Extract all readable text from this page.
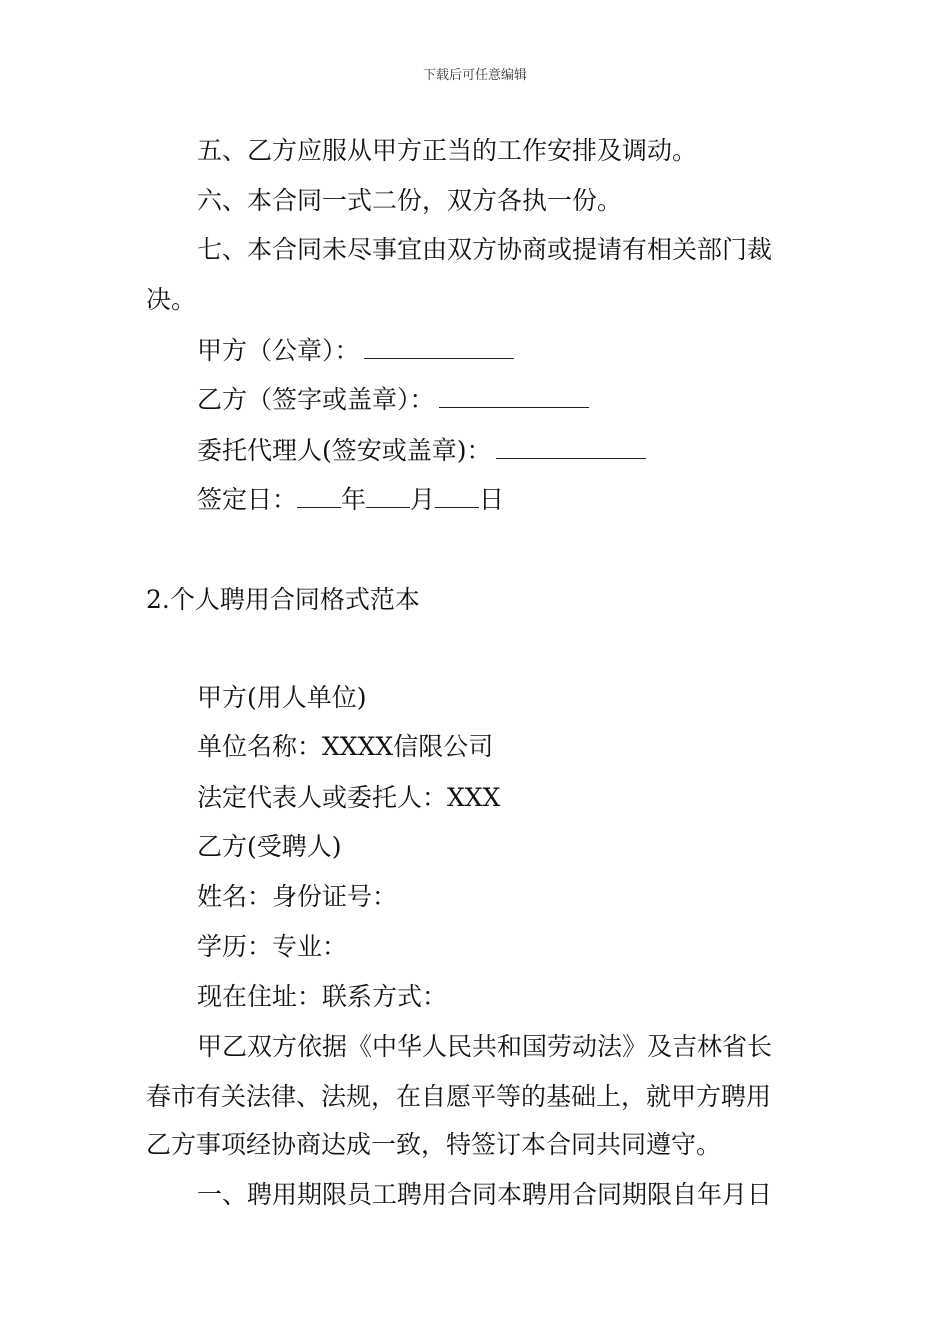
下载后可任意编辑
五、乙方应服从甲方正当的工作安排及调动。
六、本合同一式二份，双方各执一份。
七、本合同未尽事宜由双方协商或提请有相关部门裁
决。
甲方（公章）：
乙方（签字或盖章）：
委托代理人(签安或盖章)：
签定日： 年 月 日
2.个人聘用合同格式范本
甲方(用人单位)
单位名称：XXXX信限公司
法定代表人或委托人：XXX
乙方(受聘人)
姓名：身份证号：
学历：专业：
现在住址：联系方式：
甲乙双方依据《中华人民共和国劳动法》及吉林省长
春市有关法律、法规，在自愿平等的基础上，就甲方聘用
乙方事项经协商达成一致，特签订本合同共同遵守。
一、聘用期限员工聘用合同本聘用合同期限自年月日
